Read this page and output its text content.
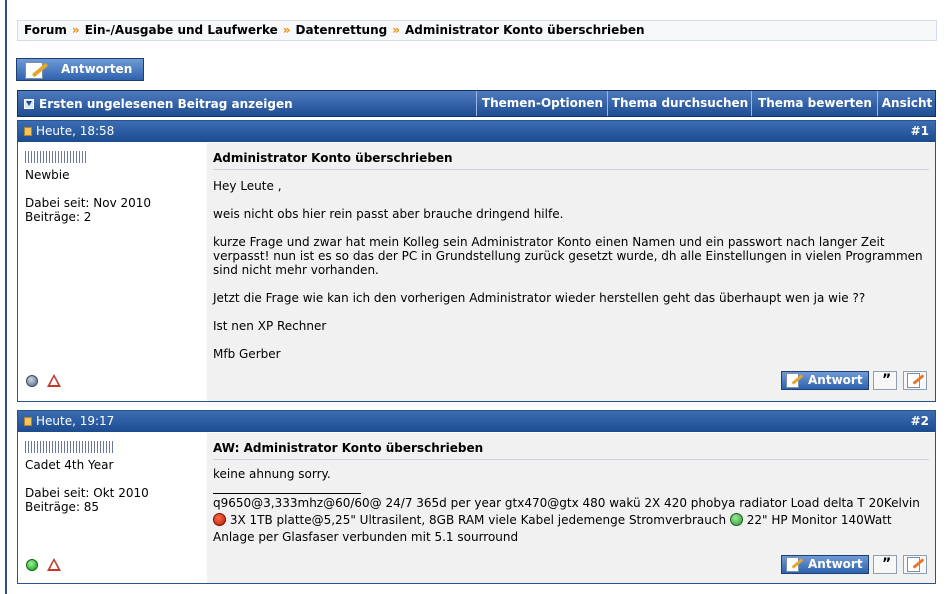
Forum » Ein-/Ausgabe und Laufwerke » Datenrettung » Administrator Konto überschrieben
Antworten
Ersten ungelesenen Beitrag anzeigen	Themen-Optionen Thema durchsuchen Thema bewerten Ansicht
Heute, 18:58	#1
Newbie
Dabei seit: Nov 2010
Beiträge: 2
Administrator Konto überschrieben
Hey Leute ,
weis nicht obs hier rein passt aber brauche dringend hilfe.
kurze Frage und zwar hat mein Kolleg sein Administrator Konto einen Namen und ein passwort nach langer Zeit verpasst! nun ist es so das der PC in Grundstellung zurück gesetzt wurde, dh alle Einstellungen in vielen Programmen sind nicht mehr vorhanden.
Jetzt die Frage wie kan ich den vorherigen Administrator wieder herstellen geht das überhaupt wen ja wie ??
Ist nen XP Rechner
Mfb Gerber
Antwort	”
Heute, 19:17	#2
Cadet 4th Year
Dabei seit: Okt 2010
Beiträge: 85
AW: Administrator Konto überschrieben
keine ahnung sorry.
q9650@3,333mhz@60/60@ 24/7 365d per year gtx470@gtx 480 wakü 2X 420 phobya radiator Load delta T 20Kelvin  3X 1TB platte@5,25" Ultrasilent, 8GB RAM viele Kabel jedemenge Stromverbrauch 22" HP Monitor 140Watt Anlage per Glasfaser verbunden mit 5.1 sourround
Antwort	”
